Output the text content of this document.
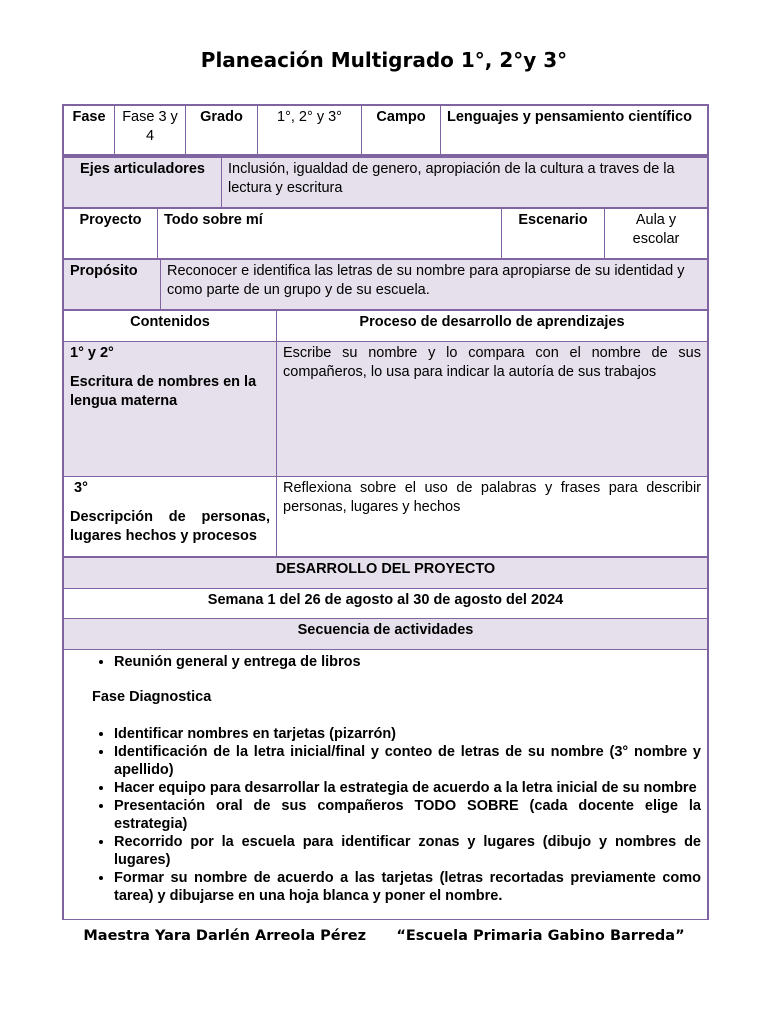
Planeación Multigrado 1°, 2°y 3°
Fase	Fase 3 y 4	Grado	1°, 2° y 3°	Campo	Lenguajes y pensamiento científico
Ejes articuladores	Inclusión, igualdad de genero, apropiación de la cultura a traves de la lectura y escritura
Proyecto	Todo sobre mí	Escenario	Aula y escolar
Propósito	Reconocer e identifica las letras de su nombre para apropiarse de su identidad y como parte de un grupo y de su escuela.
Contenidos	Proceso de desarrollo de aprendizajes

1° y 2°
Escritura de nombres en la lengua materna	Escribe su nombre y lo compara con el nombre de sus compañeros, lo usa para indicar la autoría de sus trabajos

3°
Descripción de personas, lugares hechos y procesos	Reflexiona sobre el uso de palabras y frases para describir personas, lugares y hechos
DESARROLLO DEL PROYECTO
Semana 1 del 26 de agosto al 30 de agosto del 2024
Secuencia de actividades

• Reunión general y entrega de libros
Fase Diagnostica
• Identificar nombres en tarjetas (pizarrón)
• Identificación de la letra inicial/final y conteo de letras de su nombre (3° nombre y apellido)
• Hacer equipo para desarrollar la estrategia de acuerdo a la letra inicial de su nombre
• Presentación oral de sus compañeros TODO SOBRE (cada docente elige la estrategia)
• Recorrido por la escuela para identificar zonas y lugares (dibujo y nombres de lugares)
• Formar su nombre de acuerdo a las tarjetas (letras recortadas previamente como tarea) y dibujarse en una hoja blanca y poner el nombre.
Maestra Yara Darlén Arreola Pérez “Escuela Primaria Gabino Barreda”
